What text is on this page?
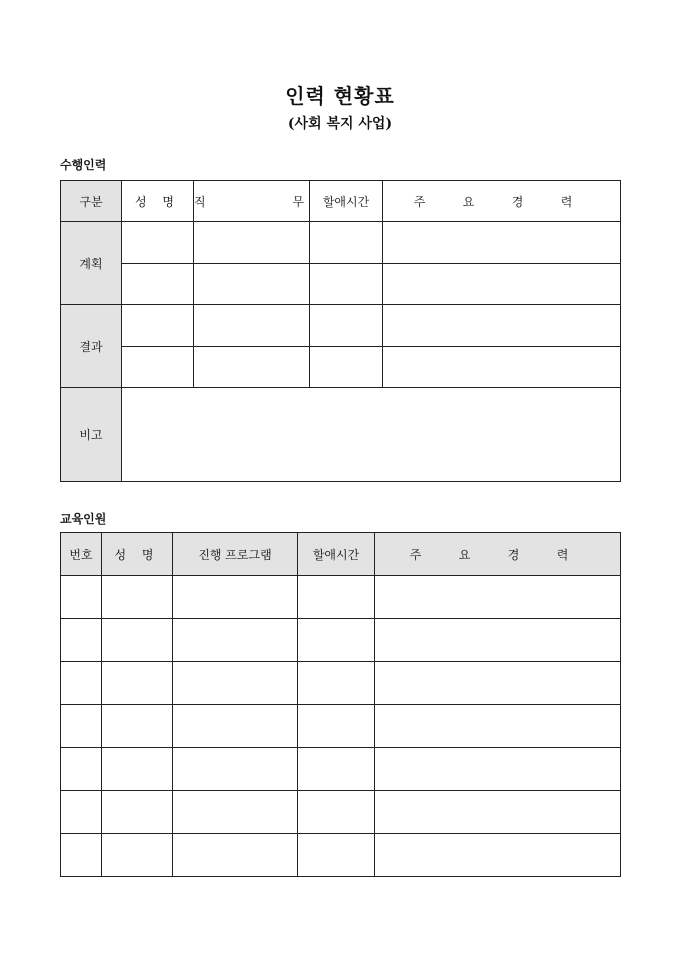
인력 현황표
(사회 복지 사업)
수행인력
구분	성 명	직  무	할애시간	주 요 경 력
계획				

결과				

비고				
교육인원
번호	성 명	진행 프로그램	할애시간	주 요 경 력
